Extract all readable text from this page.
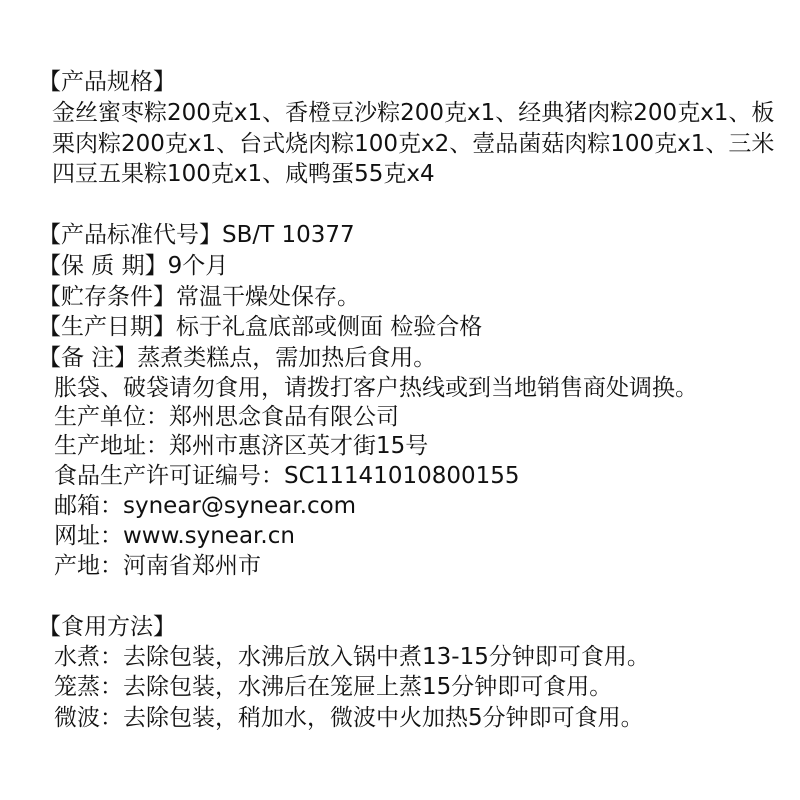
【产品规格】
金丝蜜枣粽200克x1、香橙豆沙粽200克x1、经典猪肉粽200克x1、板
栗肉粽200克x1、台式烧肉粽100克x2、壹品菌菇肉粽100克x1、三米
四豆五果粽100克x1、咸鸭蛋55克x4
【产品标准代号】SB/T 10377
【保 质 期】9个月
【贮存条件】常温干燥处保存。
【生产日期】标于礼盒底部或侧面 检验合格
【备 注】蒸煮类糕点，需加热后食用。
胀袋、破袋请勿食用，请拨打客户热线或到当地销售商处调换。
生产单位：郑州思念食品有限公司
生产地址：郑州市惠济区英才街15号
食品生产许可证编号：SC11141010800155
邮箱：synear@synear.com
网址：www.synear.cn
产地：河南省郑州市
【食用方法】
水煮：去除包装，水沸后放入锅中煮13-15分钟即可食用。
笼蒸：去除包装，水沸后在笼屉上蒸15分钟即可食用。
微波：去除包装，稍加水，微波中火加热5分钟即可食用。
